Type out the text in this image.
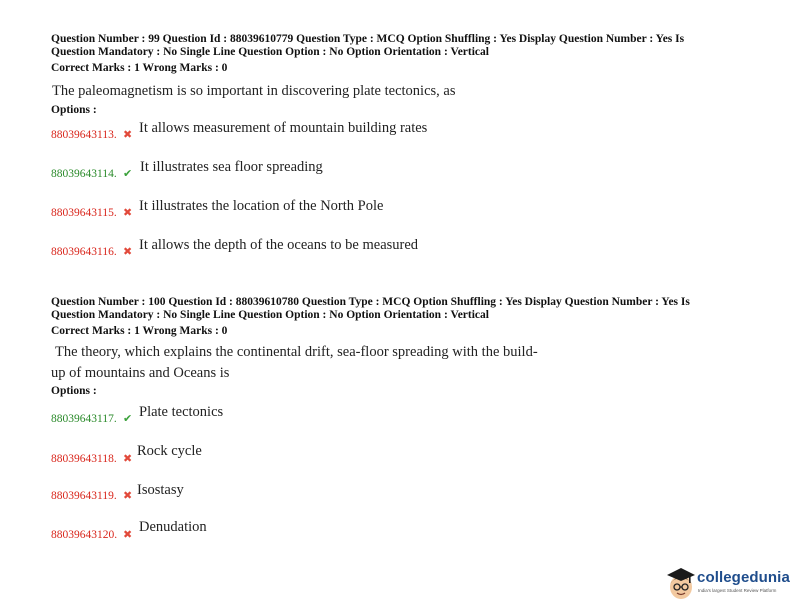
Question Number : 99 Question Id : 88039610779 Question Type : MCQ Option Shuffling : Yes Display Question Number : Yes Is
Question Mandatory : No Single Line Question Option : No Option Orientation : Vertical
Correct Marks : 1 Wrong Marks : 0
The paleomagnetism is so important in discovering plate tectonics, as
Options :
88039643113. ✖ It allows measurement of mountain building rates
88039643114. ✔ It illustrates sea floor spreading
88039643115. ✖ It illustrates the location of the North Pole
88039643116. ✖ It allows the depth of the oceans to be measured
Question Number : 100 Question Id : 88039610780 Question Type : MCQ Option Shuffling : Yes Display Question Number : Yes Is
Question Mandatory : No Single Line Question Option : No Option Orientation : Vertical
Correct Marks : 1 Wrong Marks : 0
The theory, which explains the continental drift, sea-floor spreading with the build-
up of mountains and Oceans is
Options :
88039643117. ✔ Plate tectonics
88039643118. ✖ Rock cycle
88039643119. ✖ Isostasy
88039643120. ✖ Denudation
collegedunia
India's largest Student Review Platform
